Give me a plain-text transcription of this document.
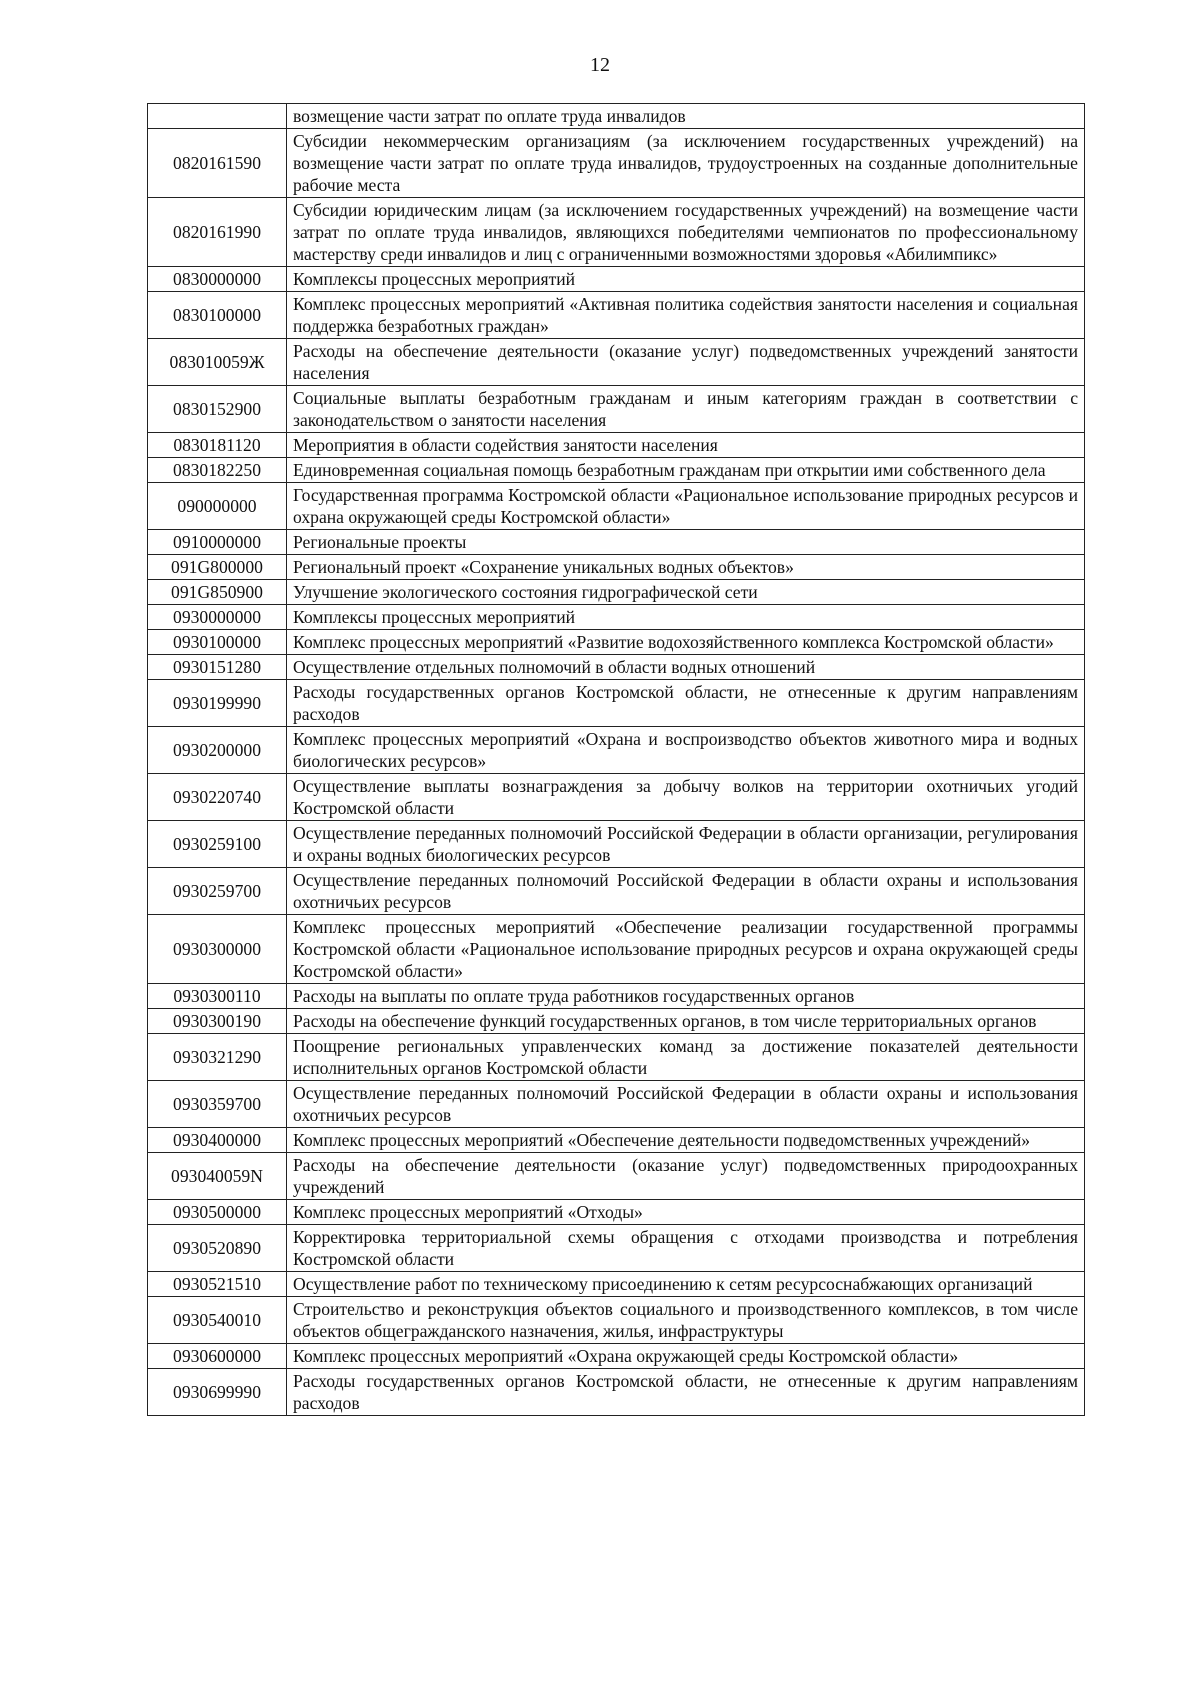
12
	возмещение части затрат по оплате труда инвалидов
0820161590	Субсидии некоммерческим организациям (за исключением государственных учреждений) на возмещение части затрат по оплате труда инвалидов, трудоустроенных на созданные дополнительные рабочие места
0820161990	Субсидии юридическим лицам (за исключением государственных учреждений) на возмещение части затрат по оплате труда инвалидов, являющихся победителями чемпионатов по профессиональному мастерству среди инвалидов и лиц с ограниченными возможностями здоровья «Абилимпикс»
0830000000	Комплексы процессных мероприятий
0830100000	Комплекс процессных мероприятий «Активная политика содействия занятости населения и социальная поддержка безработных граждан»
083010059Ж	Расходы на обеспечение деятельности (оказание услуг) подведомственных учреждений занятости населения
0830152900	Социальные выплаты безработным гражданам и иным категориям граждан в соответствии с законодательством о занятости населения
0830181120	Мероприятия в области содействия занятости населения
0830182250	Единовременная социальная помощь безработным гражданам при открытии ими собственного дела
090000000	Государственная программа Костромской области «Рациональное использование природных ресурсов и охрана окружающей среды Костромской области»
0910000000	Региональные проекты
091G800000	Региональный проект «Сохранение уникальных водных объектов»
091G850900	Улучшение экологического состояния гидрографической сети
0930000000	Комплексы процессных мероприятий
0930100000	Комплекс процессных мероприятий «Развитие водохозяйственного комплекса Костромской области»
0930151280	Осуществление отдельных полномочий в области водных отношений
0930199990	Расходы государственных органов Костромской области, не отнесенные к другим направлениям расходов
0930200000	Комплекс процессных мероприятий «Охрана и воспроизводство объектов животного мира и водных биологических ресурсов»
0930220740	Осуществление выплаты вознаграждения за добычу волков на территории охотничьих угодий Костромской области
0930259100	Осуществление переданных полномочий Российской Федерации в области организации, регулирования и охраны водных биологических ресурсов
0930259700	Осуществление переданных полномочий Российской Федерации в области охраны и использования охотничьих ресурсов
0930300000	Комплекс процессных мероприятий «Обеспечение реализации государственной программы Костромской области «Рациональное использование природных ресурсов и охрана окружающей среды Костромской области»
0930300110	Расходы на выплаты по оплате труда работников государственных органов
0930300190	Расходы на обеспечение функций государственных органов, в том числе территориальных органов
0930321290	Поощрение региональных управленческих команд за достижение показателей деятельности исполнительных органов Костромской области
0930359700	Осуществление переданных полномочий Российской Федерации в области охраны и использования охотничьих ресурсов
0930400000	Комплекс процессных мероприятий «Обеспечение деятельности подведомственных учреждений»
093040059N	Расходы на обеспечение деятельности (оказание услуг) подведомственных природоохранных учреждений
0930500000	Комплекс процессных мероприятий «Отходы»
0930520890	Корректировка территориальной схемы обращения с отходами производства и потребления Костромской области
0930521510	Осуществление работ по техническому присоединению к сетям ресурсоснабжающих организаций
0930540010	Строительство и реконструкция объектов социального и производственного комплексов, в том числе объектов общегражданского назначения, жилья, инфраструктуры
0930600000	Комплекс процессных мероприятий «Охрана окружающей среды Костромской области»
0930699990	Расходы государственных органов Костромской области, не отнесенные к другим направлениям расходов
